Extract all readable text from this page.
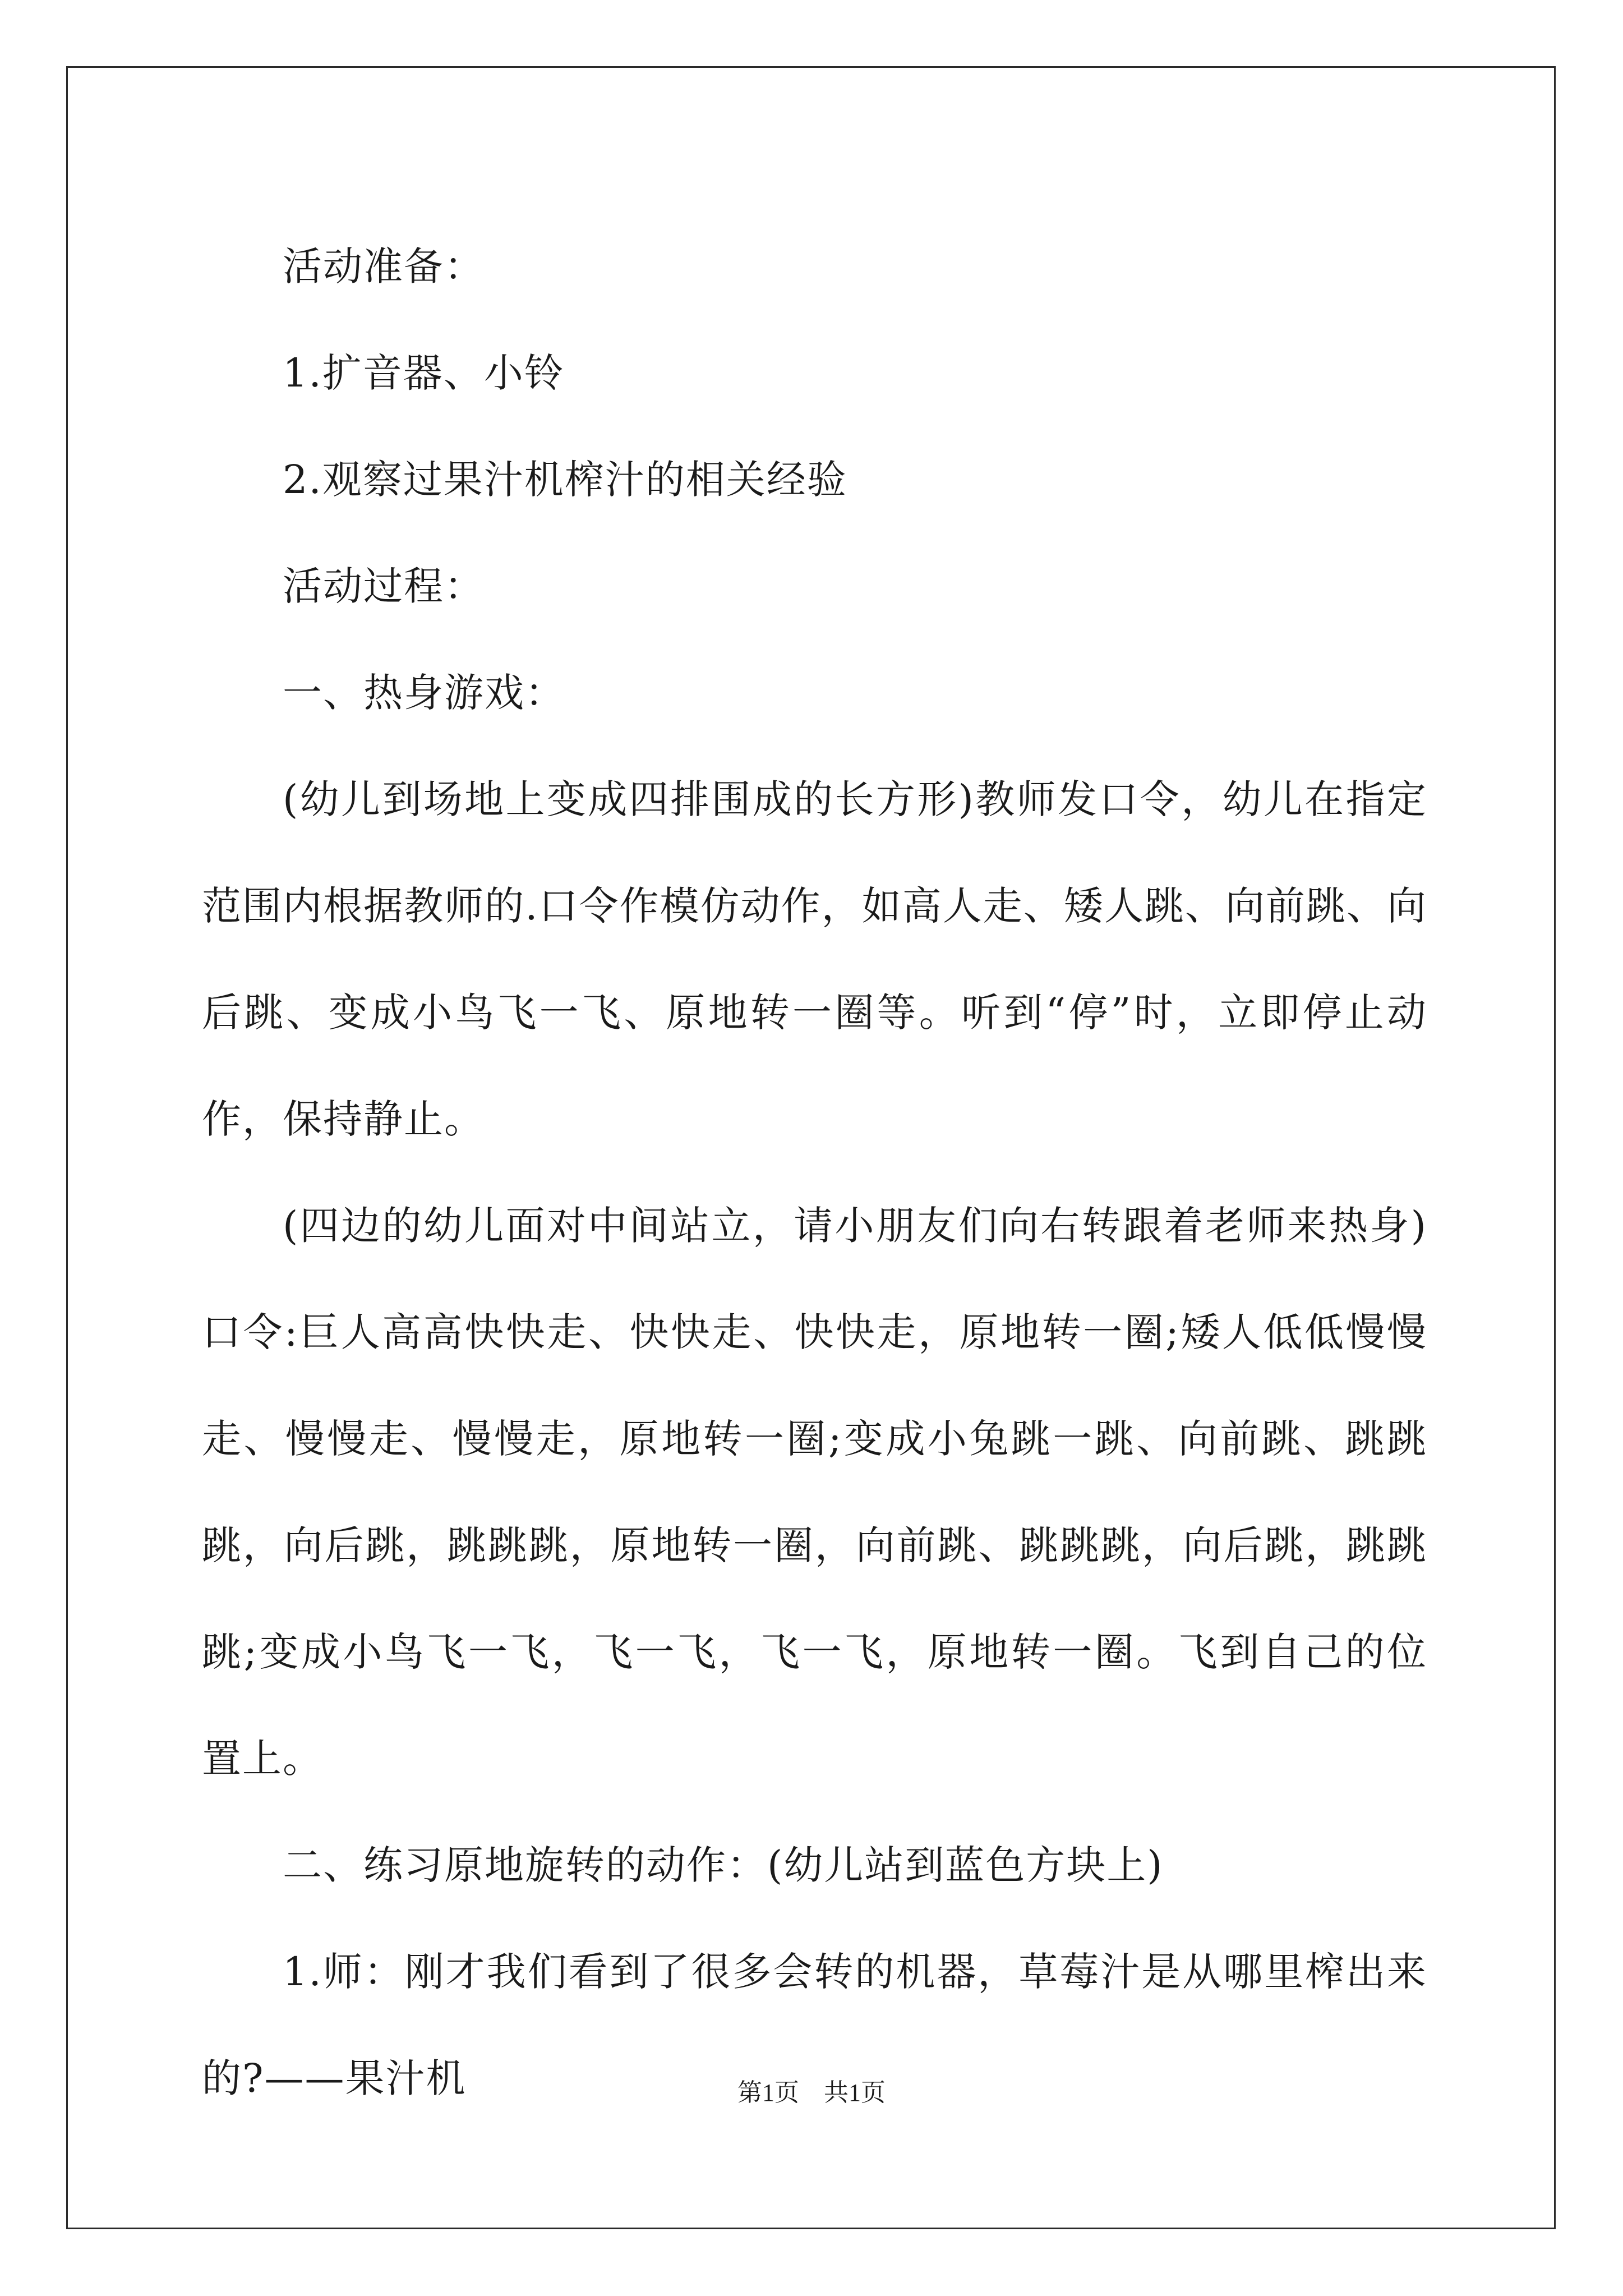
活动准备：

1.扩音器、小铃

2.观察过果汁机榨汁的相关经验

活动过程：

一、热身游戏：

(幼儿到场地上变成四排围成的长方形)教师发口令，幼儿在指定范围内根据教师的.口令作模仿动作，如高人走、矮人跳、向前跳、向后跳、变成小鸟飞一飞、原地转一圈等。听到“停”时，立即停止动作，保持静止。

(四边的幼儿面对中间站立，请小朋友们向右转跟着老师来热身)口令:巨人高高快快走、快快走、快快走，原地转一圈;矮人低低慢慢走、慢慢走、慢慢走，原地转一圈;变成小兔跳一跳、向前跳、跳跳跳，向后跳，跳跳跳，原地转一圈，向前跳、跳跳跳，向后跳，跳跳跳;变成小鸟飞一飞，飞一飞，飞一飞，原地转一圈。飞到自己的位置上。

二、练习原地旋转的动作：(幼儿站到蓝色方块上)

1.师：刚才我们看到了很多会转的机器，草莓汁是从哪里榨出来的?——果汁机	第1页　共1页
